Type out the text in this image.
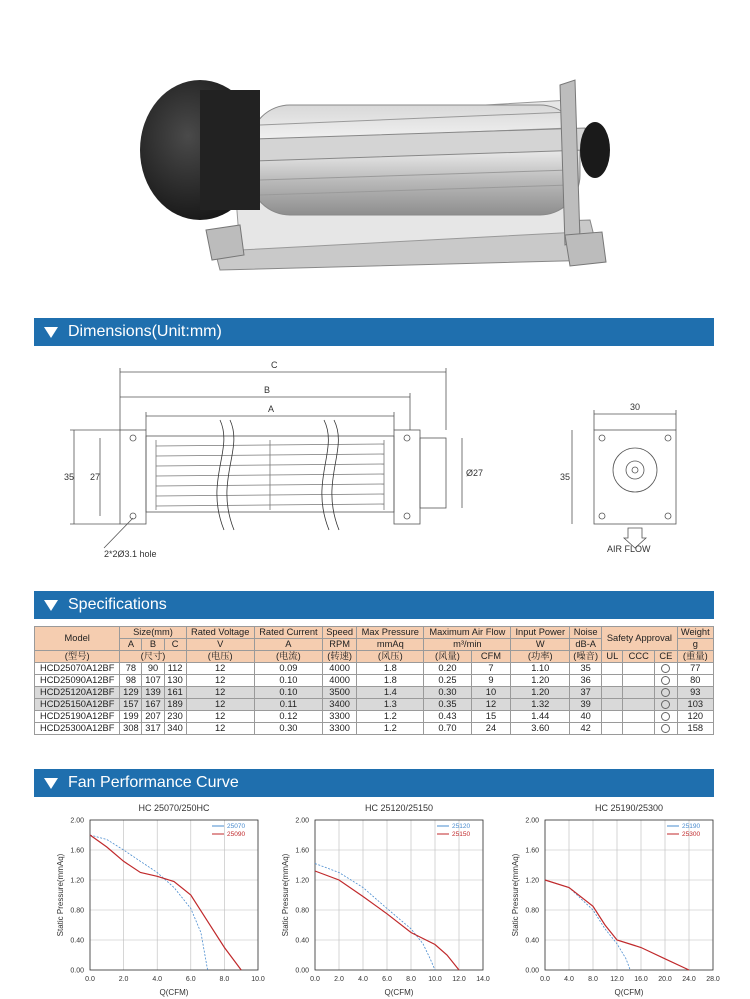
Dimensions(Unit:mm)
C
B
A
35 27	Ø27
30
35
2*2Ø3.1 hole	AIR FLOW
Specifications
Model	Size(mm)			Rated Voltage	Rated Current	Speed	Max Pressure	Maximum Air Flow		Input Power	Noise	Safety Approval			Weight
	A	B	C	V	A	RPM	mmAq	m³/min		W	dB-A				g
(型号)	(尺寸)			(电压)	(电流)	(转速)	(风压)	(风量)	CFM	(功率)	(噪音)	UL	CCC	CE	(重量)
HCD25070A12BF	78	90	112	12	0.09	4000	1.8	0.20	7	1.10	35				77
HCD25090A12BF	98	107	130	12	0.10	4000	1.8	0.25	9	1.20	36				80
HCD25120A12BF	129	139	161	12	0.10	3500	1.4	0.30	10	1.20	37				93
HCD25150A12BF	157	167	189	12	0.11	3400	1.3	0.35	12	1.32	39				103
HCD25190A12BF	199	207	230	12	0.12	3300	1.2	0.43	15	1.44	40				120
HCD25300A12BF	308	317	340	12	0.30	3300	1.2	0.70	24	3.60	42				158
Fan Performance Curve
HC 25070/250HC
0.0	2.0	4.0	6.0	8.0	10.0
0.00
0.40
0.80
1.20
1.60
2.00
Q(CFM)
Static Pressure(mmAq)
25070
25090
HC 25120/25150
0.0 2.0 4.0 6.0 8.0 10.0 12.0 14.0
0.00
0.40
0.80
1.20
1.60
2.00
Q(CFM)
Static Pressure(mmAq)
25120
25150
HC 25190/25300
0.0 4.0 8.0 12.0 16.0 20.0 24.0 28.0
0.00
0.40
0.80
1.20
1.60
2.00
Q(CFM)
Static Pressure(mmAq)
25190
25300
